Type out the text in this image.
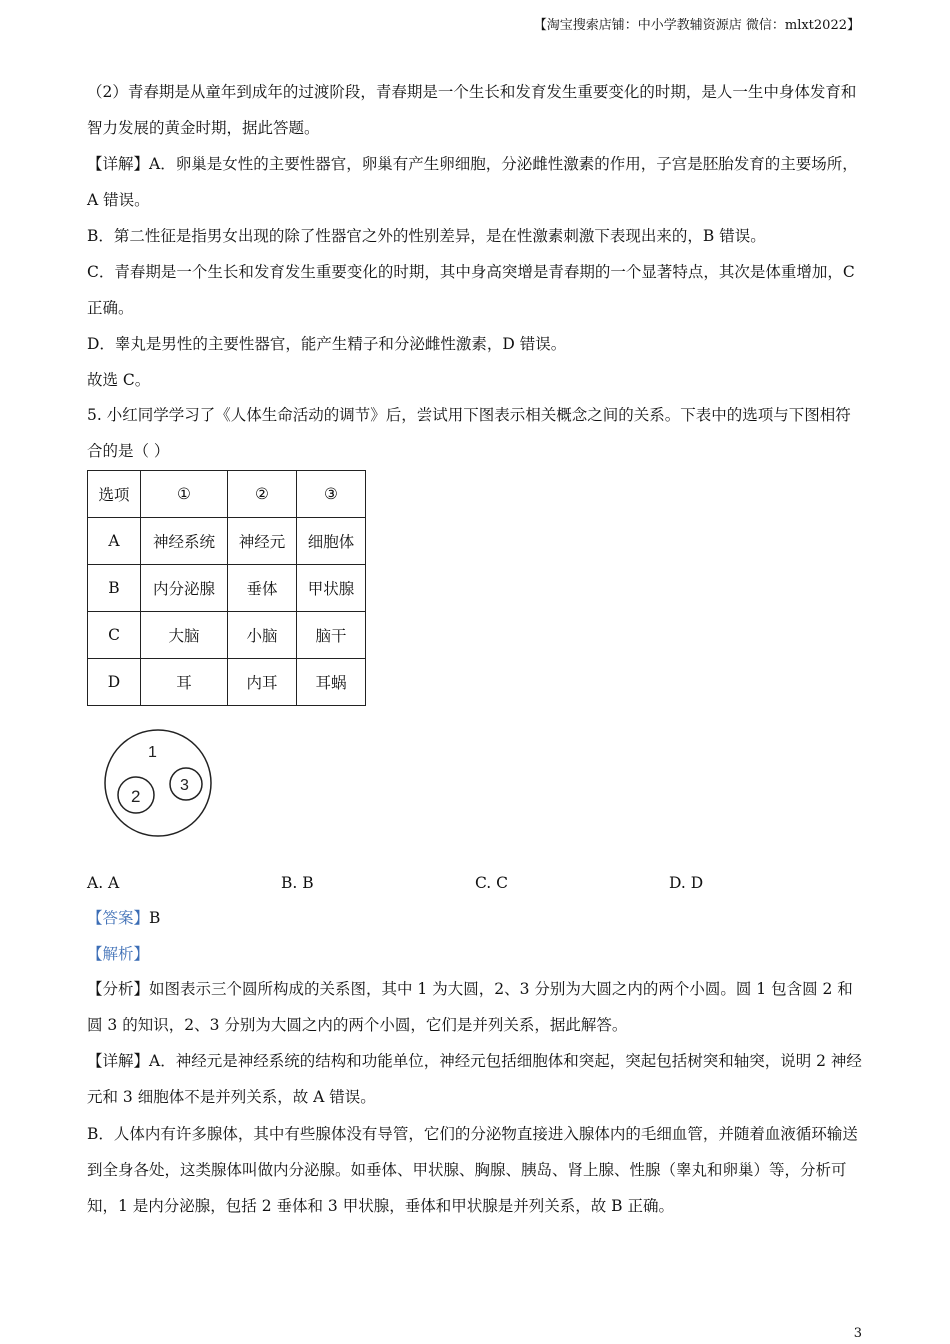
【淘宝搜索店铺：中小学教辅资源店 微信：mlxt2022】

（2）青春期是从童年到成年的过渡阶段，青春期是一个生长和发育发生重要变化的时期，是人一生中身体发育和智力发展的黄金时期，据此答题。

【详解】A．卵巢是女性的主要性器官，卵巢有产生卵细胞，分泌雌性激素的作用，子宫是胚胎发育的主要场所，A 错误。

B．第二性征是指男女出现的除了性器官之外的性别差异，是在性激素刺激下表现出来的，B 错误。

C．青春期是一个生长和发育发生重要变化的时期，其中身高突增是青春期的一个显著特点，其次是体重增加，C 正确。

D．睾丸是男性的主要性器官，能产生精子和分泌雌性激素，D 错误。

故选 C。

5. 小红同学学习了《人体生命活动的调节》后，尝试用下图表示相关概念之间的关系。下表中的选项与下图相符合的是（ ）

选项	①	②	③
A	神经系统	神经元	细胞体
B	内分泌腺	垂体	甲状腺
C	大脑	小脑	脑干
D	耳	内耳	耳蜗
1
2
3
A. A	B. B	C. C	D. D

【答案】B

【解析】

【分析】如图表示三个圆所构成的关系图，其中 1 为大圆，2、3 分别为大圆之内的两个小圆。圆 1 包含圆 2 和圆 3 的知识，2、3 分别为大圆之内的两个小圆，它们是并列关系，据此解答。

【详解】A．神经元是神经系统的结构和功能单位，神经元包括细胞体和突起，突起包括树突和轴突，说明 2 神经元和 3 细胞体不是并列关系，故 A 错误。

B．人体内有许多腺体，其中有些腺体没有导管，它们的分泌物直接进入腺体内的毛细血管，并随着血液循环输送到全身各处，这类腺体叫做内分泌腺。如垂体、甲状腺、胸腺、胰岛、肾上腺、性腺（睾丸和卵巢）等，分析可知，1 是内分泌腺，包括 2 垂体和 3 甲状腺，垂体和甲状腺是并列关系，故 B 正确。

3
